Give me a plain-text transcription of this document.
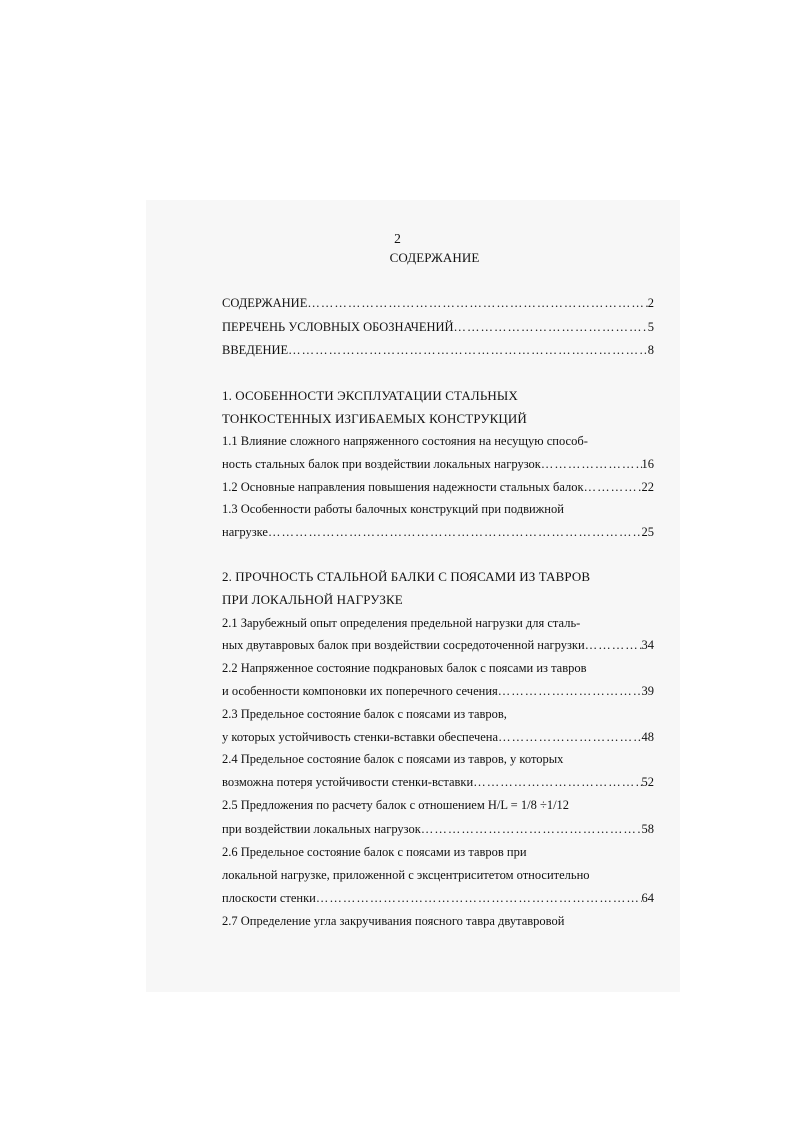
2
СОДЕРЖАНИЕ
СОДЕРЖАНИЕ …………………………………………………………………………………………………………………………………………………………	2
ПЕРЕЧЕНЬ УСЛОВНЫХ ОБОЗНАЧЕНИЙ …………………………………………………………………………………………………………………………………………………………	5
ВВЕДЕНИЕ …………………………………………………………………………………………………………………………………………………………	8
1. ОСОБЕННОСТИ ЭКСПЛУАТАЦИИ СТАЛЬНЫХ
ТОНКОСТЕННЫХ ИЗГИБАЕМЫХ КОНСТРУКЦИЙ
1.1 Влияние сложного напряженного состояния на несущую способ-
ность стальных балок при воздействии локальных нагрузок …………………………………………………………………………………………………………………………………………………………	16
1.2 Основные направления повышения надежности стальных балок …………………………………………………………………………………………………………………………………………………………	22
1.3 Особенности работы балочных конструкций при подвижной
нагрузке …………………………………………………………………………………………………………………………………………………………	25
2. ПРОЧНОСТЬ СТАЛЬНОЙ БАЛКИ С ПОЯСАМИ ИЗ ТАВРОВ
ПРИ ЛОКАЛЬНОЙ НАГРУЗКЕ
2.1 Зарубежный опыт определения предельной нагрузки для сталь-
ных двутавровых балок при воздействии сосредоточенной нагрузки …………………………………………………………………………………………………………………………………………………………	34
2.2 Напряженное состояние подкрановых балок с поясами из тавров
и особенности компоновки их поперечного сечения …………………………………………………………………………………………………………………………………………………………	39
2.3 Предельное состояние балок с поясами из тавров,
у которых устойчивость стенки-вставки обеспечена …………………………………………………………………………………………………………………………………………………………	48
2.4 Предельное состояние балок с поясами из тавров, у которых
возможна потеря устойчивости стенки-вставки …………………………………………………………………………………………………………………………………………………………	52
2.5 Предложения по расчету балок с отношением H/L = 1/8 ÷1/12
при воздействии локальных нагрузок …………………………………………………………………………………………………………………………………………………………	58
2.6 Предельное состояние балок с поясами из тавров при
локальной нагрузке, приложенной с эксцентриситетом относительно
плоскости стенки …………………………………………………………………………………………………………………………………………………………	64
2.7 Определение угла закручивания поясного тавра двутавровой
